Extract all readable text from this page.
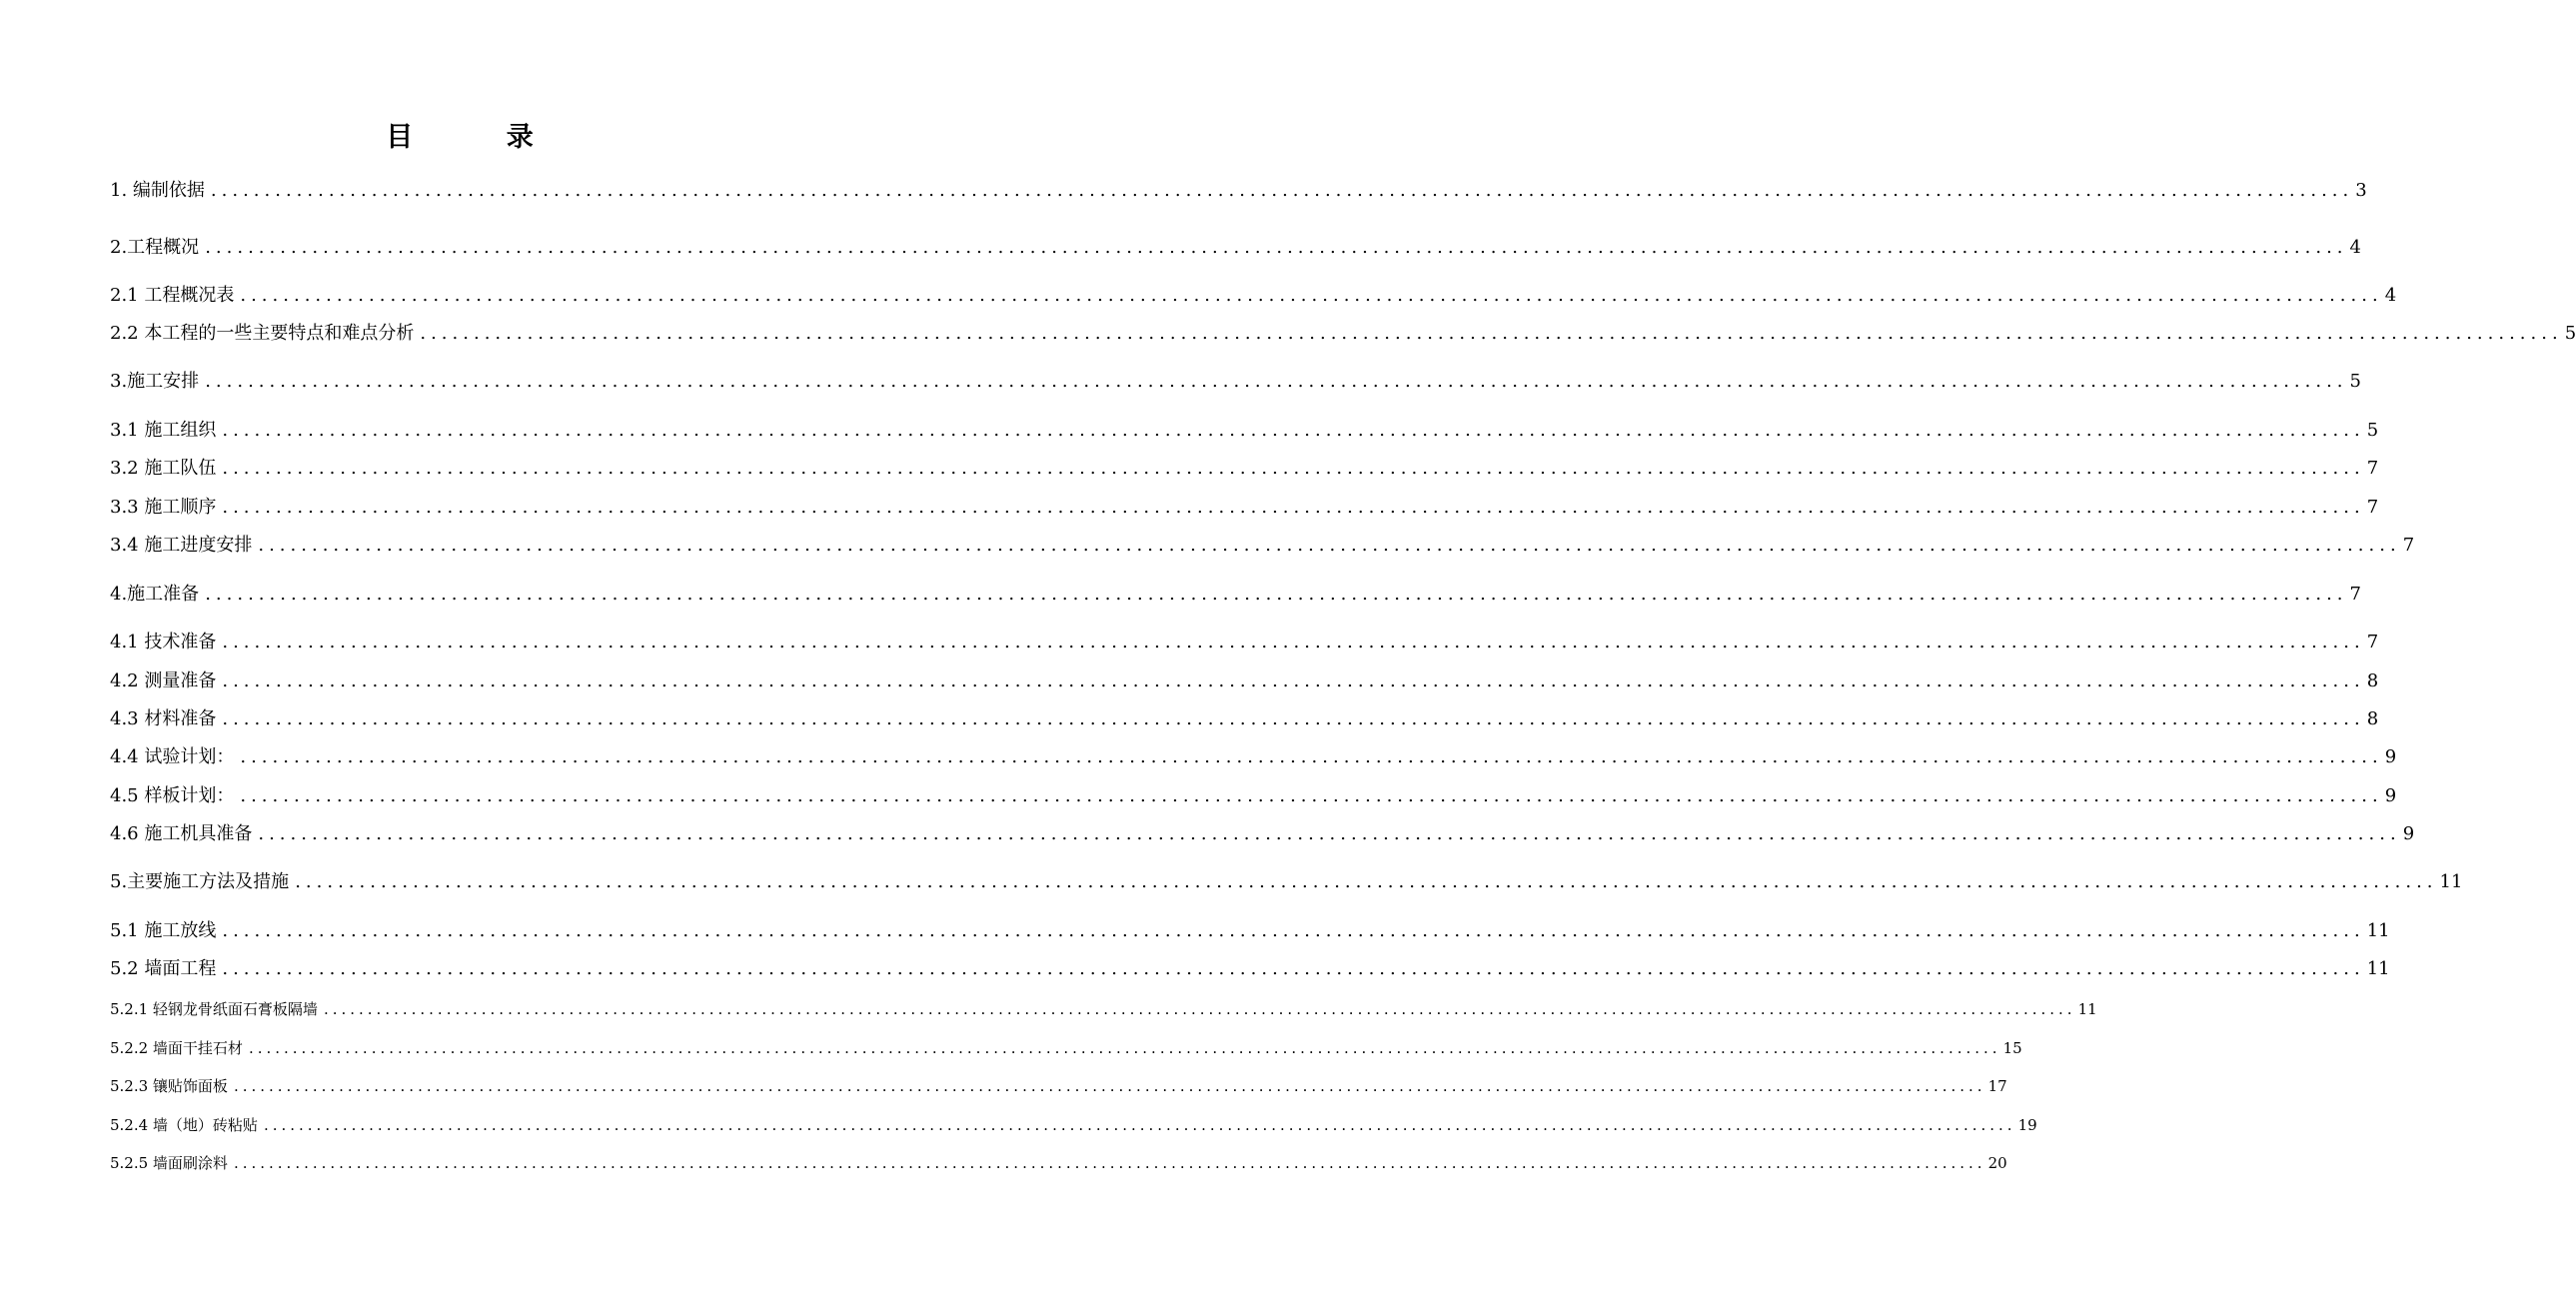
目 录
1. 编制依据 ........................................................................................................................................................................................................ 3
2.工程概况 ........................................................................................................................................................................................................ 4
2.1 工程概况表 ........................................................................................................................................................................................................ 4
2.2 本工程的一些主要特点和难点分析 ........................................................................................................................................................................................................ 5
3.施工安排 ........................................................................................................................................................................................................ 5
3.1 施工组织 ........................................................................................................................................................................................................ 5
3.2 施工队伍 ........................................................................................................................................................................................................ 7
3.3 施工顺序 ........................................................................................................................................................................................................ 7
3.4 施工进度安排 ........................................................................................................................................................................................................ 7
4.施工准备 ........................................................................................................................................................................................................ 7
4.1 技术准备 ........................................................................................................................................................................................................ 7
4.2 测量准备 ........................................................................................................................................................................................................ 8
4.3 材料准备 ........................................................................................................................................................................................................ 8
4.4 试验计划： ........................................................................................................................................................................................................ 9
4.5 样板计划： ........................................................................................................................................................................................................ 9
4.6 施工机具准备 ........................................................................................................................................................................................................ 9
5.主要施工方法及措施 ........................................................................................................................................................................................................ 11
5.1 施工放线 ........................................................................................................................................................................................................ 11
5.2 墙面工程 ........................................................................................................................................................................................................ 11
5.2.1 轻钢龙骨纸面石膏板隔墙 ........................................................................................................................................................................................................ 11
5.2.2 墙面干挂石材 ........................................................................................................................................................................................................ 15
5.2.3 镶贴饰面板 ........................................................................................................................................................................................................ 17
5.2.4 墙（地）砖粘贴 ........................................................................................................................................................................................................ 19
5.2.5 墙面刷涂料 ........................................................................................................................................................................................................ 20
